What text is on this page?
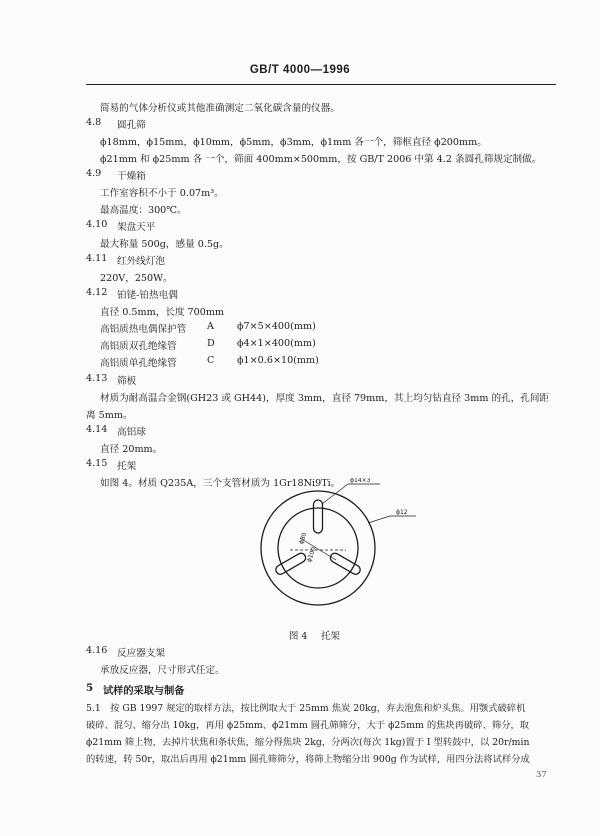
GB/T 4000—1996
简易的气体分析仪或其他准确测定二氧化碳含量的仪器。
4.8 圆孔筛
ϕ18mm，ϕ15mm，ϕ10mm，ϕ5mm，ϕ3mm，ϕ1mm 各一个，筛框直径 ϕ200mm。
ϕ21mm 和 ϕ25mm 各 一个，筛面 400mm×500mm，按 GB/T 2006 中第 4.2 条圆孔筛规定制做。
4.9 干燥箱
工作室容积不小于 0.07m³。
最高温度：300℃。
4.10 架盘天平
最大称量 500g，感量 0.5g。
4.11 红外线灯泡
220V，250W。
4.12 铂铑-铂热电偶
直径 0.5mm，长度 700mm
高铝质热电偶保护管 A ϕ7×5×400(mm)
高铝质双孔绝缘管	D ϕ4×1×400(mm)
高铝质单孔绝缘管	C ϕ1×0.6×10(mm)
4.13 筛板
材质为耐高温合金钢(GH23 或 GH44)，厚度 3mm，直径 79mm，其上均匀钻直径 3mm 的孔，孔间距
离 5mm。
4.14 高铝球
直径 20mm。
4.15 托架
如图 4。材质 Q235A，三个支管材质为 1Gr18Ni9Ti。 ϕ14×3
ϕ12
ϕ80
ϕ100
图 4 托架
4.16 反应器支架
承放反应器，尺寸形式任定。
5 试样的采取与制备
5.1　按 GB 1997 规定的取样方法，按比例取大于 25mm 焦炭 20kg，弃去泡焦和炉头焦。用颚式破碎机
破碎、混匀、缩分出 10kg，再用 ϕ25mm、ϕ21mm 圆孔筛筛分，大于 ϕ25mm 的焦块再破碎、筛分，取
ϕ21mm 筛上物，去掉片状焦和条状焦，缩分得焦块 2kg，分两次(每次 1kg)置于 I 型转鼓中，以 20r/min
的转速，转 50r，取出后再用 ϕ21mm 圆孔筛筛分，将筛上物缩分出 900g 作为试样，用四分法将试样分成
37
